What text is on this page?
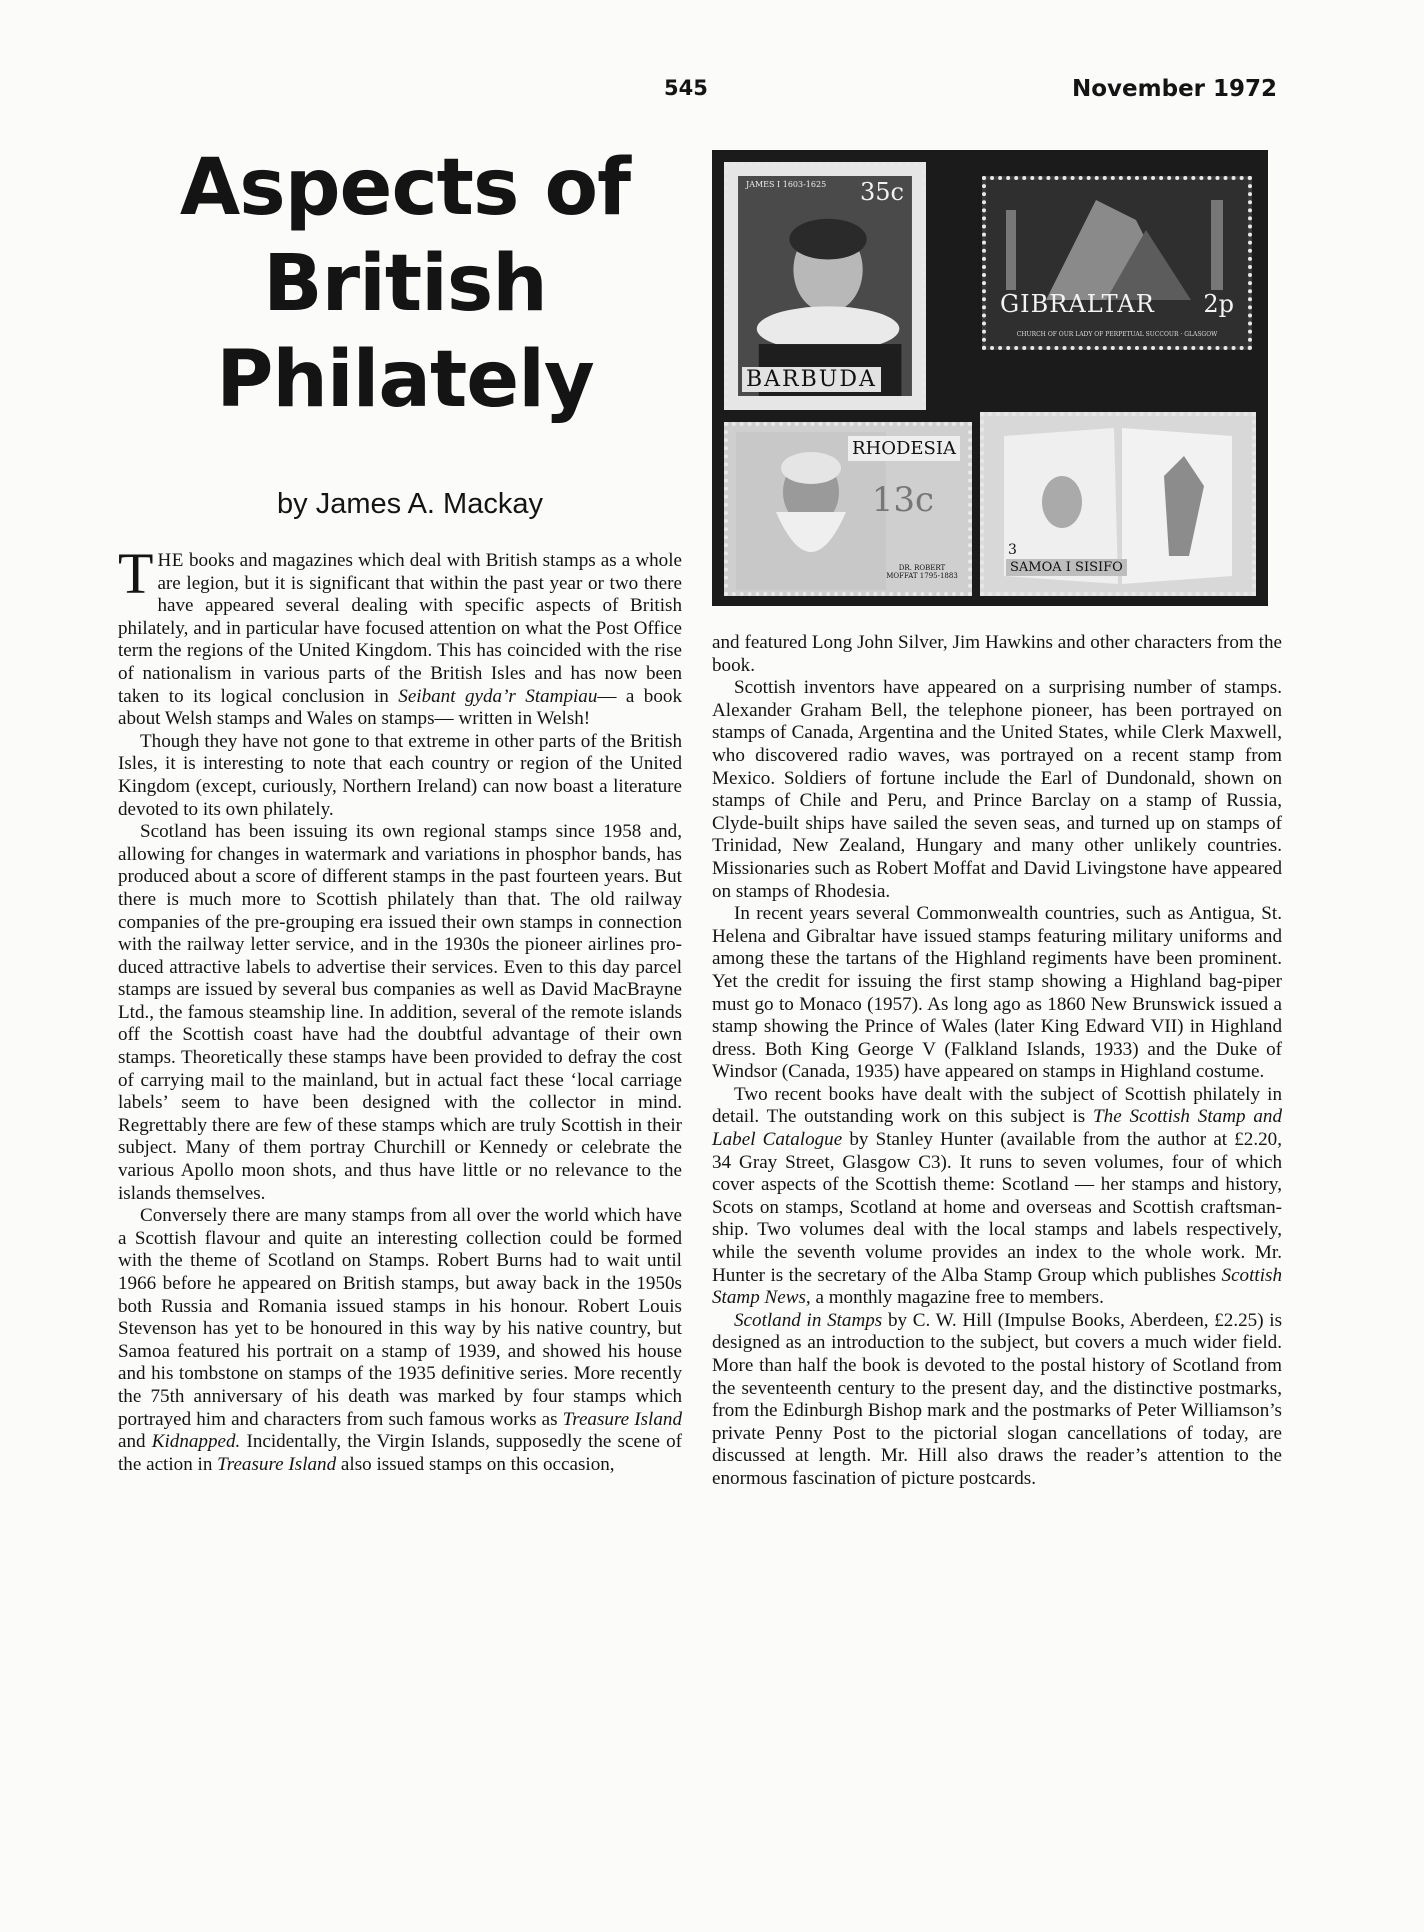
545	November 1972
Aspects of
British
Philately
by James A. Mackay
JAMES I 1603-1625 35c
BARBUDA
GIBRALTAR 2p
CHURCH OF OUR LADY OF PERPETUAL SUCCOUR · GLASGOW
RHODESIA
13c
DR. ROBERT MOFFAT 1795-1883
SAMOA I SISIFO
3

THE books and magazines which deal with British stamps as a whole are legion, but it is significant that within the past year or two there have appeared several dealing with specific aspects of British philately, and in particular have focused attention on what the Post Office term the regions of the United Kingdom. This has coincided with the rise of nationalism in various parts of the British Isles and has now been taken to its logical conclusion in Seibant gyda’r Stampiau— a book about Welsh stamps and Wales on stamps— written in Welsh!

Though they have not gone to that extreme in other parts of the British Isles, it is interesting to note that each country or region of the United Kingdom (except, curiously, Northern Ireland) can now boast a literature devoted to its own philately.

Scotland has been issuing its own regional stamps since 1958 and, allowing for changes in watermark and variations in phosphor bands, has produced about a score of different stamps in the past fourteen years. But there is much more to Scottish philately than that. The old railway companies of the pre-grouping era issued their own stamps in connection with the railway letter service, and in the 1930s the pioneer airlines pro- duced attractive labels to advertise their services. Even to this day parcel stamps are issued by several bus companies as well as David MacBrayne Ltd., the famous steamship line. In addition, several of the remote islands off the Scottish coast have had the doubtful advantage of their own stamps. Theoretically these stamps have been provided to defray the cost of carrying mail to the mainland, but in actual fact these ‘local carriage labels’ seem to have been designed with the collector in mind. Regrettably there are few of these stamps which are truly Scottish in their subject. Many of them portray Churchill or Kennedy or celebrate the various Apollo moon shots, and thus have little or no relevance to the islands themselves.

Conversely there are many stamps from all over the world which have a Scottish flavour and quite an interesting collection could be formed with the theme of Scotland on Stamps. Robert Burns had to wait until 1966 before he appeared on British stamps, but away back in the 1950s both Russia and Romania issued stamps in his honour. Robert Louis Stevenson has yet to be honoured in this way by his native country, but Samoa featured his portrait on a stamp of 1939, and showed his house and his tombstone on stamps of the 1935 definitive series. More recently the 75th anniversary of his death was marked by four stamps which portrayed him and characters from such famous works as Treasure Island and Kidnapped. Incidentally, the Virgin Islands, supposedly the scene of the action in Treasure Island also issued stamps on this occasion,

and featured Long John Silver, Jim Hawkins and other characters from the book.

Scottish inventors have appeared on a surprising number of stamps. Alexander Graham Bell, the telephone pioneer, has been portrayed on stamps of Canada, Argentina and the United States, while Clerk Maxwell, who discovered radio waves, was portrayed on a recent stamp from Mexico. Soldiers of fortune include the Earl of Dundonald, shown on stamps of Chile and Peru, and Prince Barclay on a stamp of Russia, Clyde-built ships have sailed the seven seas, and turned up on stamps of Trinidad, New Zealand, Hungary and many other unlikely countries. Missionaries such as Robert Moffat and David Livingstone have appeared on stamps of Rhodesia.

In recent years several Commonwealth countries, such as Antigua, St. Helena and Gibraltar have issued stamps featuring military uniforms and among these the tartans of the Highland regiments have been prominent. Yet the credit for issuing the first stamp showing a Highland bag-piper must go to Monaco (1957). As long ago as 1860 New Brunswick issued a stamp showing the Prince of Wales (later King Edward VII) in Highland dress. Both King George V (Falkland Islands, 1933) and the Duke of Windsor (Canada, 1935) have appeared on stamps in Highland costume.

Two recent books have dealt with the subject of Scottish philately in detail. The outstanding work on this subject is The Scottish Stamp and Label Catalogue by Stanley Hunter (available from the author at £2.20, 34 Gray Street, Glasgow C3). It runs to seven volumes, four of which cover aspects of the Scottish theme: Scotland — her stamps and history, Scots on stamps, Scotland at home and overseas and Scottish craftsman- ship. Two volumes deal with the local stamps and labels respectively, while the seventh volume provides an index to the whole work. Mr. Hunter is the secretary of the Alba Stamp Group which publishes Scottish Stamp News, a monthly magazine free to members.

Scotland in Stamps by C. W. Hill (Impulse Books, Aberdeen, £2.25) is designed as an introduction to the subject, but covers a much wider field. More than half the book is devoted to the postal history of Scotland from the seventeenth century to the present day, and the distinctive postmarks, from the Edinburgh Bishop mark and the postmarks of Peter Williamson’s private Penny Post to the pictorial slogan cancellations of today, are discussed at length. Mr. Hill also draws the reader’s attention to the enormous fascination of picture postcards.
